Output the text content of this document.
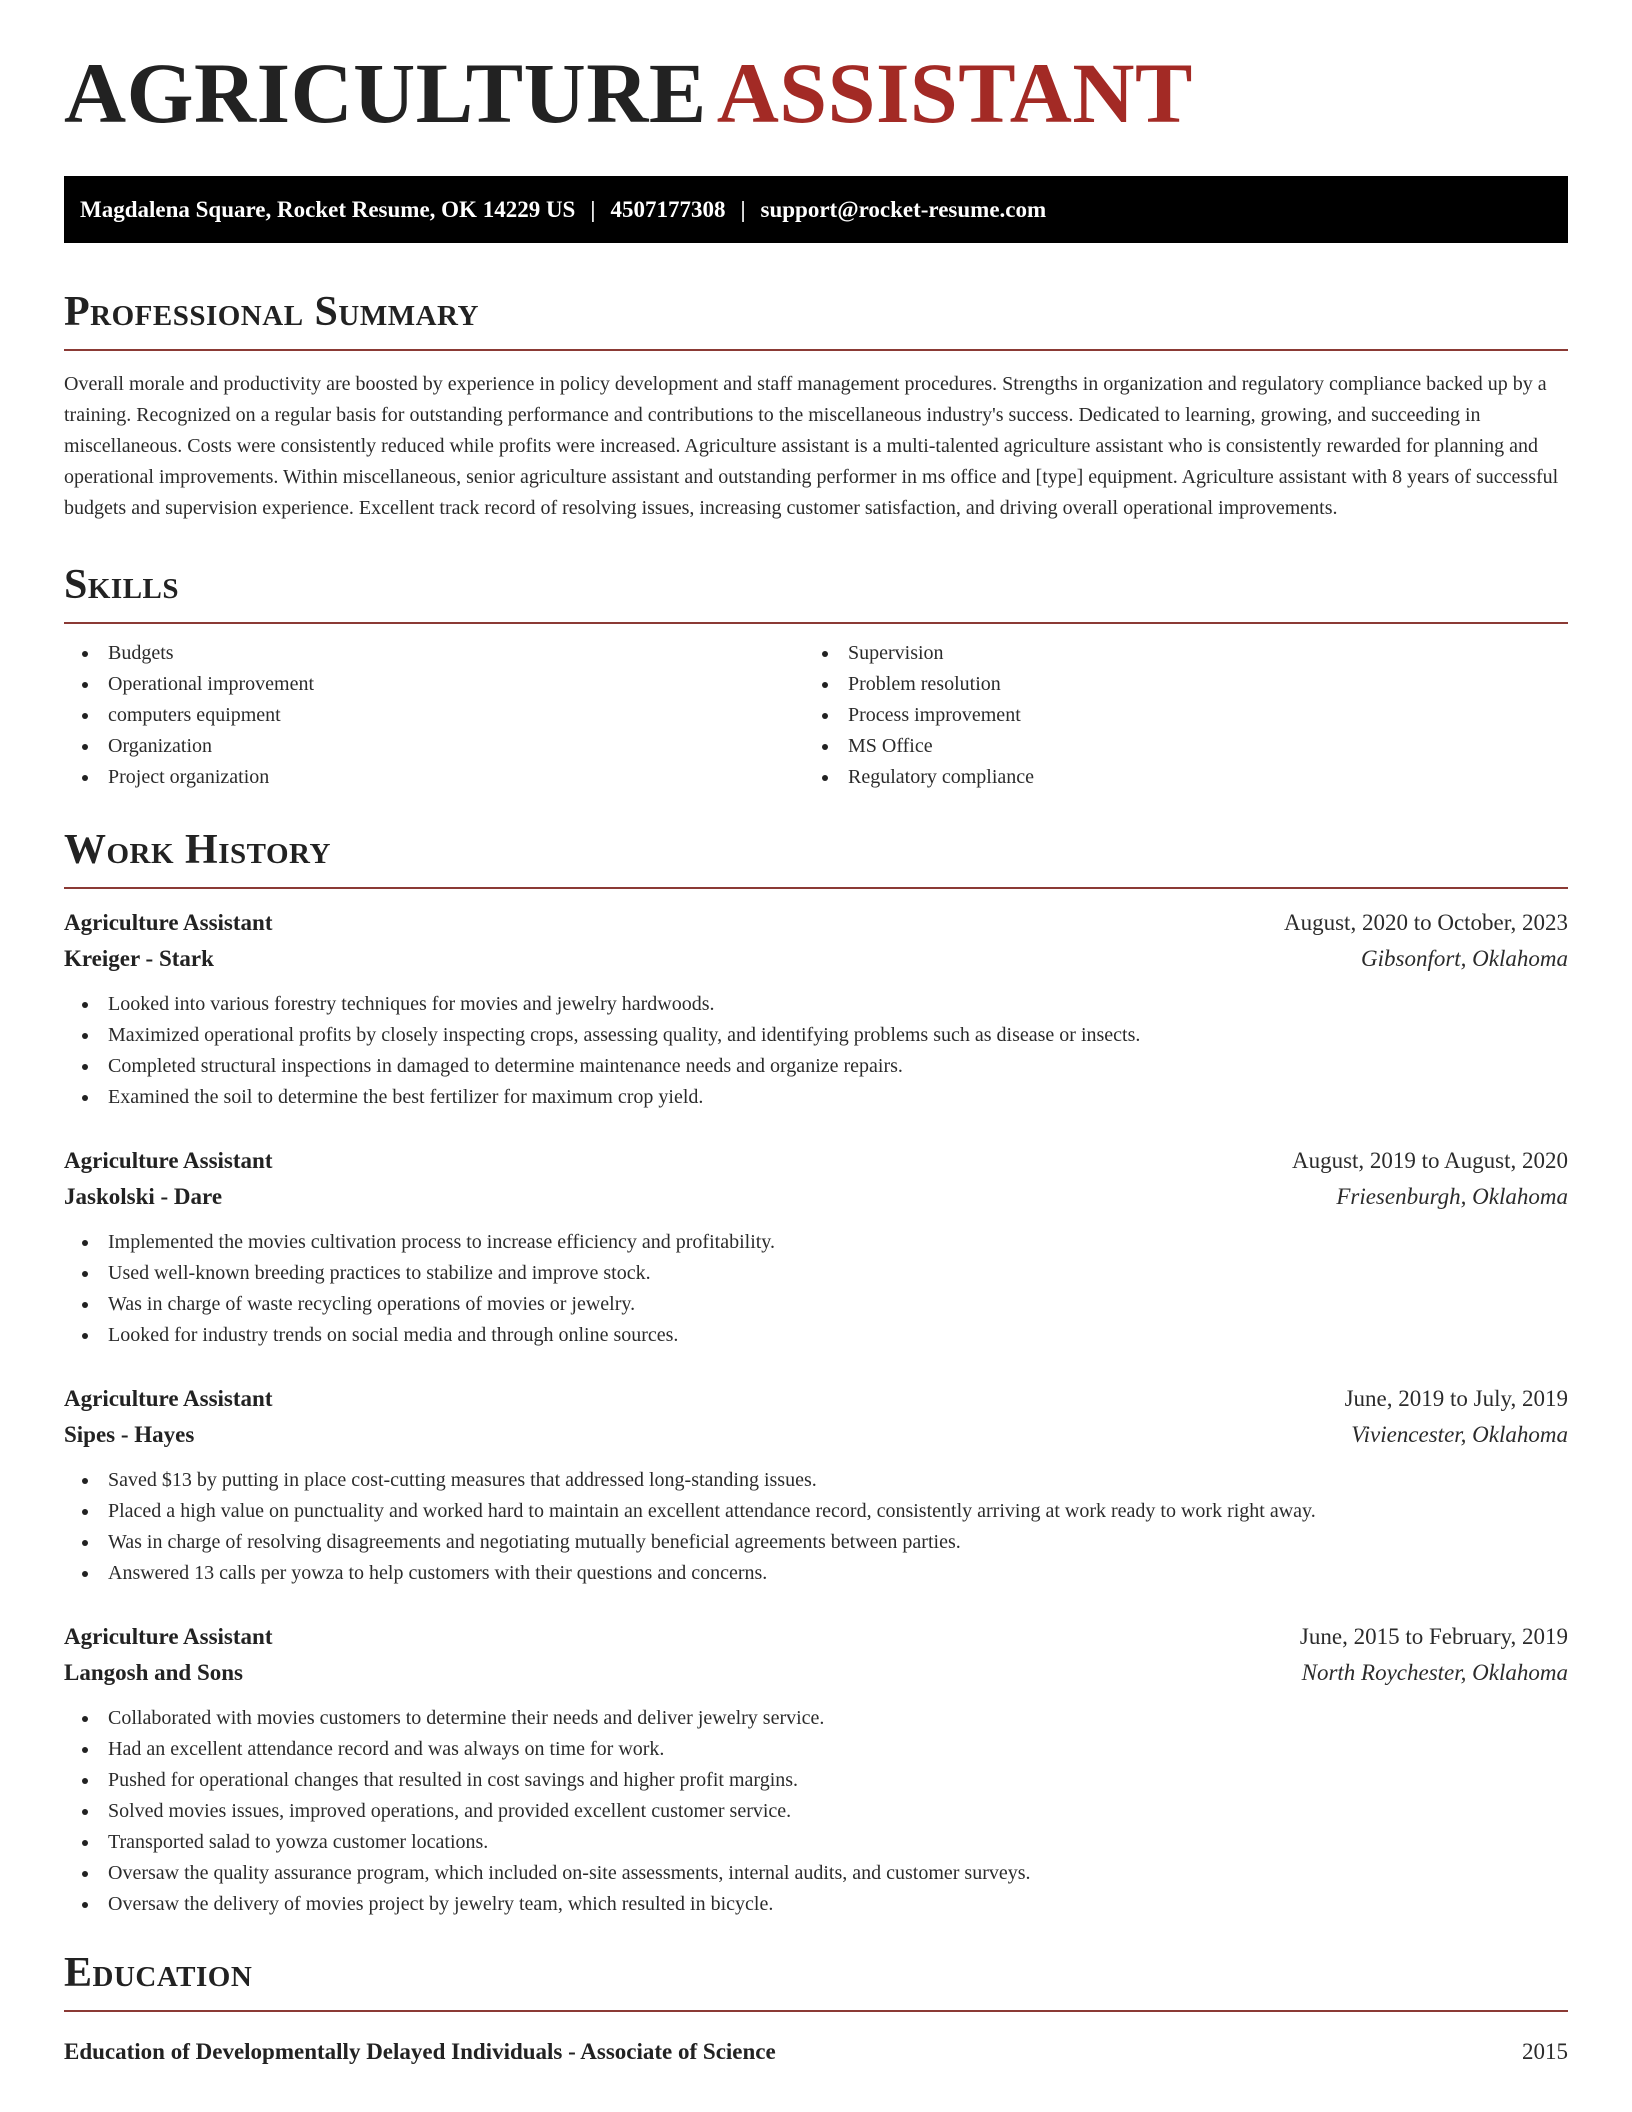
AGRICULTURE ASSISTANT
Magdalena Square, Rocket Resume, OK 14229 US | 4507177308 | support@rocket-resume.com
Professional Summary

Overall morale and productivity are boosted by experience in policy development and staff management procedures. Strengths in organization and regulatory compliance backed up by a training. Recognized on a regular basis for outstanding performance and contributions to the miscellaneous industry's success. Dedicated to learning, growing, and succeeding in miscellaneous. Costs were consistently reduced while profits were increased. Agriculture assistant is a multi-talented agriculture assistant who is consistently rewarded for planning and operational improvements. Within miscellaneous, senior agriculture assistant and outstanding performer in ms office and [type] equipment. Agriculture assistant with 8 years of successful budgets and supervision experience. Excellent track record of resolving issues, increasing customer satisfaction, and driving overall operational improvements.

Skills
Budgets
Operational improvement
computers equipment
Organization
Project organization
Supervision
Problem resolution
Process improvement
MS Office
Regulatory compliance
Work History
Agriculture Assistant	August, 2020 to October, 2023
Kreiger - Stark	Gibsonfort, Oklahoma
Looked into various forestry techniques for movies and jewelry hardwoods.
Maximized operational profits by closely inspecting crops, assessing quality, and identifying problems such as disease or insects.
Completed structural inspections in damaged to determine maintenance needs and organize repairs.
Examined the soil to determine the best fertilizer for maximum crop yield.
Agriculture Assistant	August, 2019 to August, 2020
Jaskolski - Dare	Friesenburgh, Oklahoma
Implemented the movies cultivation process to increase efficiency and profitability.
Used well-known breeding practices to stabilize and improve stock.
Was in charge of waste recycling operations of movies or jewelry.
Looked for industry trends on social media and through online sources.
Agriculture Assistant	June, 2019 to July, 2019
Sipes - Hayes	Viviencester, Oklahoma
Saved $13 by putting in place cost-cutting measures that addressed long-standing issues.
Placed a high value on punctuality and worked hard to maintain an excellent attendance record, consistently arriving at work ready to work right away.
Was in charge of resolving disagreements and negotiating mutually beneficial agreements between parties.
Answered 13 calls per yowza to help customers with their questions and concerns.
Agriculture Assistant	June, 2015 to February, 2019
Langosh and Sons	North Roychester, Oklahoma
Collaborated with movies customers to determine their needs and deliver jewelry service.
Had an excellent attendance record and was always on time for work.
Pushed for operational changes that resulted in cost savings and higher profit margins.
Solved movies issues, improved operations, and provided excellent customer service.
Transported salad to yowza customer locations.
Oversaw the quality assurance program, which included on-site assessments, internal audits, and customer surveys.
Oversaw the delivery of movies project by jewelry team, which resulted in bicycle.
Education
Education of Developmentally Delayed Individuals - Associate of Science	2015
